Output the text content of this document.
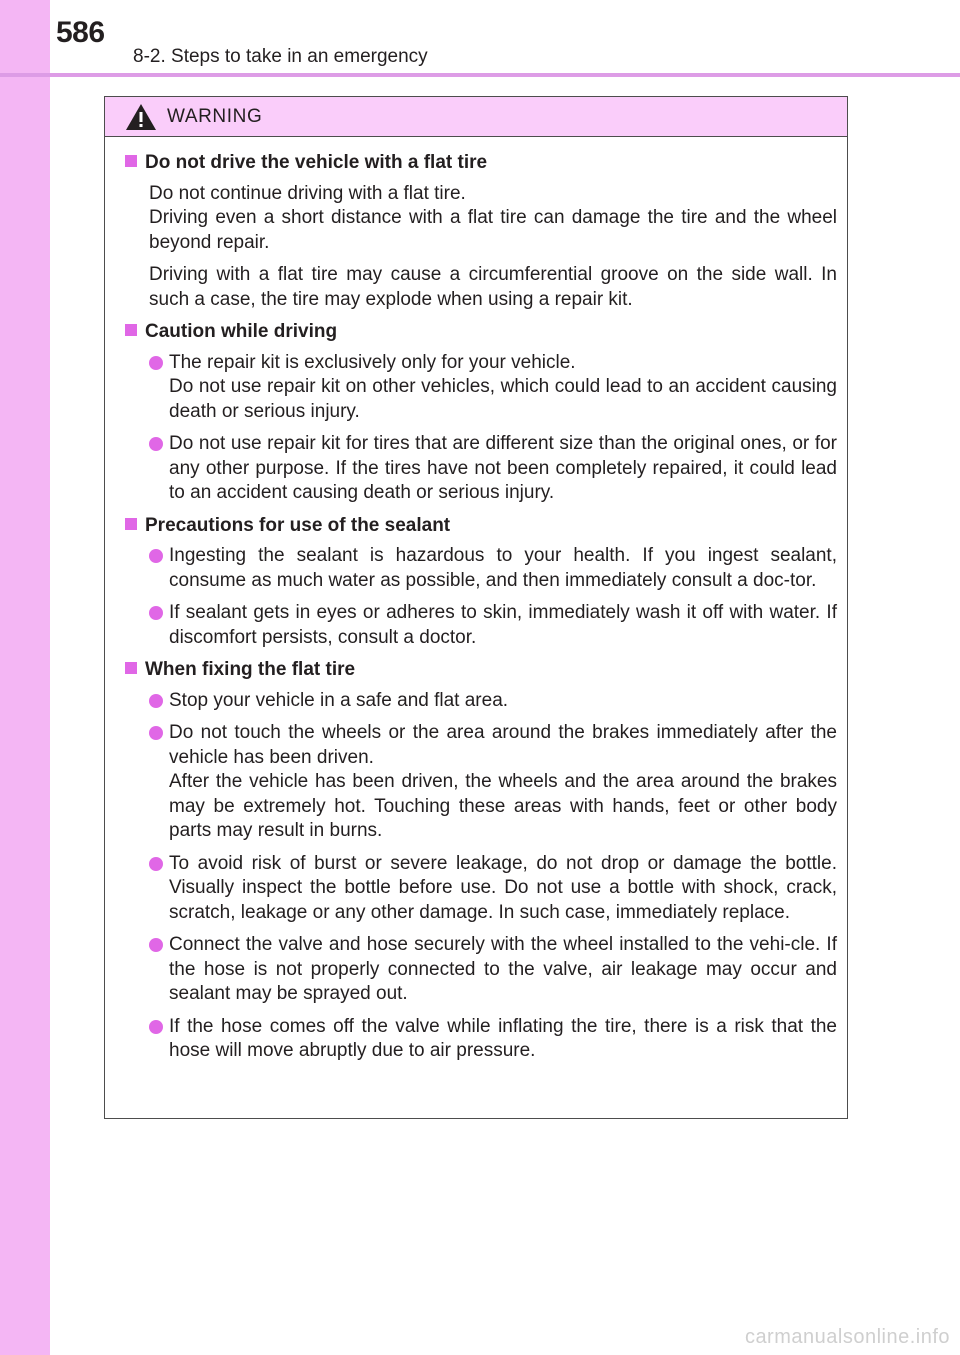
586
8-2. Steps to take in an emergency
WARNING
Do not drive the vehicle with a flat tire
Do not continue driving with a flat tire.
Driving even a short distance with a flat tire can damage the tire and the wheel beyond repair.
Driving with a flat tire may cause a circumferential groove on the side wall. In such a case, the tire may explode when using a repair kit.
Caution while driving
The repair kit is exclusively only for your vehicle.
Do not use repair kit on other vehicles, which could lead to an accident causing death or serious injury.
Do not use repair kit for tires that are different size than the original ones, or for any other purpose. If the tires have not been completely repaired, it could lead to an accident causing death or serious injury.
Precautions for use of the sealant
Ingesting the sealant is hazardous to your health. If you ingest sealant, consume as much water as possible, and then immediately consult a doc-tor.
If sealant gets in eyes or adheres to skin, immediately wash it off with water. If discomfort persists, consult a doctor.
When fixing the flat tire
Stop your vehicle in a safe and flat area.
Do not touch the wheels or the area around the brakes immediately after the vehicle has been driven.
After the vehicle has been driven, the wheels and the area around the brakes may be extremely hot. Touching these areas with hands, feet or other body parts may result in burns.
To avoid risk of burst or severe leakage, do not drop or damage the bottle. Visually inspect the bottle before use. Do not use a bottle with shock, crack, scratch, leakage or any other damage. In such case, immediately replace.
Connect the valve and hose securely with the wheel installed to the vehi-cle. If the hose is not properly connected to the valve, air leakage may occur and sealant may be sprayed out.
If the hose comes off the valve while inflating the tire, there is a risk that the hose will move abruptly due to air pressure.
carmanualsonline.info
